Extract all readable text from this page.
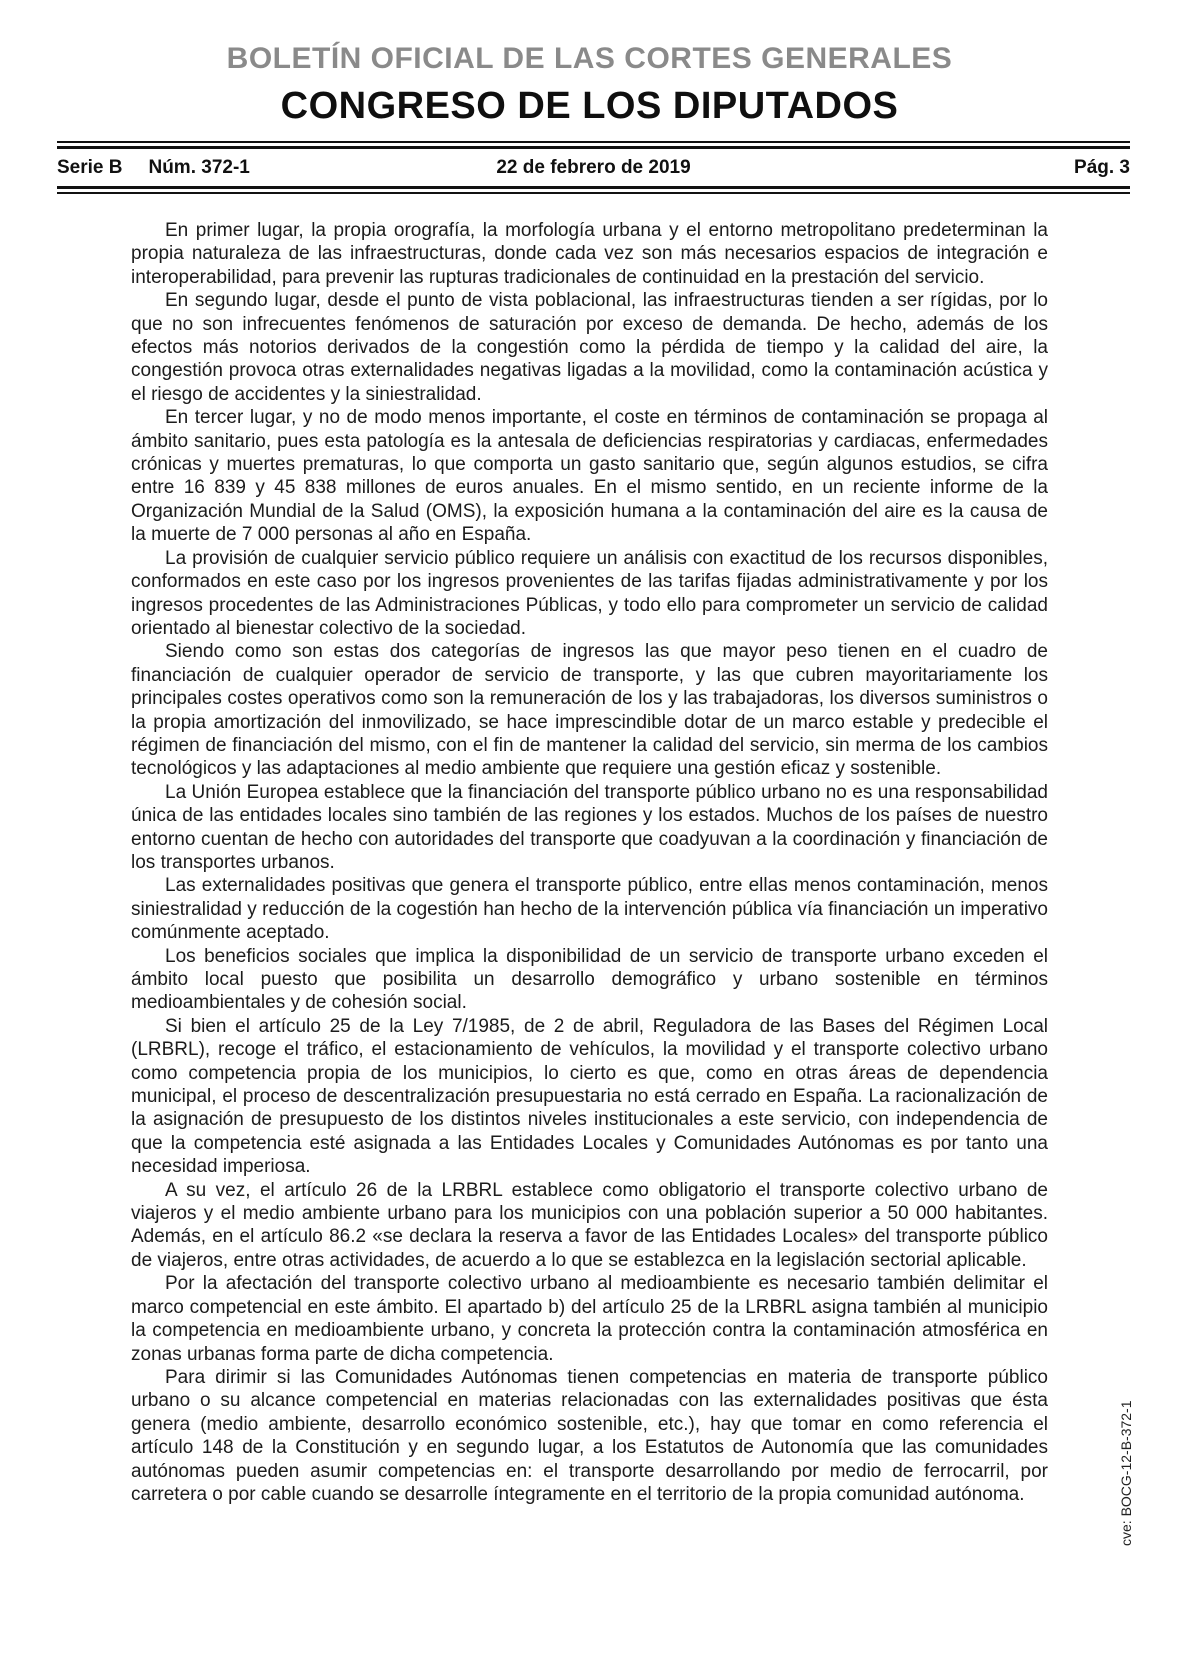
BOLETÍN OFICIAL DE LAS CORTES GENERALES
CONGRESO DE LOS DIPUTADOS
Serie B Núm. 372-1	22 de febrero de 2019	Pág. 3

En primer lugar, la propia orografía, la morfología urbana y el entorno metropolitano predeterminan la propia naturaleza de las infraestructuras, donde cada vez son más necesarios espacios de integración e interoperabilidad, para prevenir las rupturas tradicionales de continuidad en la prestación del servicio.

En segundo lugar, desde el punto de vista poblacional, las infraestructuras tienden a ser rígidas, por lo que no son infrecuentes fenómenos de saturación por exceso de demanda. De hecho, además de los efectos más notorios derivados de la congestión como la pérdida de tiempo y la calidad del aire, la congestión provoca otras externalidades negativas ligadas a la movilidad, como la contaminación acústica y el riesgo de accidentes y la siniestralidad.

En tercer lugar, y no de modo menos importante, el coste en términos de contaminación se propaga al ámbito sanitario, pues esta patología es la antesala de deficiencias respiratorias y cardiacas, enfermedades crónicas y muertes prematuras, lo que comporta un gasto sanitario que, según algunos estudios, se cifra entre 16 839 y 45 838 millones de euros anuales. En el mismo sentido, en un reciente informe de la Organización Mundial de la Salud (OMS), la exposición humana a la contaminación del aire es la causa de la muerte de 7 000 personas al año en España.

La provisión de cualquier servicio público requiere un análisis con exactitud de los recursos disponibles, conformados en este caso por los ingresos provenientes de las tarifas fijadas administrativamente y por los ingresos procedentes de las Administraciones Públicas, y todo ello para comprometer un servicio de calidad orientado al bienestar colectivo de la sociedad.

Siendo como son estas dos categorías de ingresos las que mayor peso tienen en el cuadro de financiación de cualquier operador de servicio de transporte, y las que cubren mayoritariamente los principales costes operativos como son la remuneración de los y las trabajadoras, los diversos suministros o la propia amortización del inmovilizado, se hace imprescindible dotar de un marco estable y predecible el régimen de financiación del mismo, con el fin de mantener la calidad del servicio, sin merma de los cambios tecnológicos y las adaptaciones al medio ambiente que requiere una gestión eficaz y sostenible.

La Unión Europea establece que la financiación del transporte público urbano no es una responsabilidad única de las entidades locales sino también de las regiones y los estados. Muchos de los países de nuestro entorno cuentan de hecho con autoridades del transporte que coadyuvan a la coordinación y financiación de los transportes urbanos.

Las externalidades positivas que genera el transporte público, entre ellas menos contaminación, menos siniestralidad y reducción de la cogestión han hecho de la intervención pública vía financiación un imperativo comúnmente aceptado.

Los beneficios sociales que implica la disponibilidad de un servicio de transporte urbano exceden el ámbito local puesto que posibilita un desarrollo demográfico y urbano sostenible en términos medioambientales y de cohesión social.

Si bien el artículo 25 de la Ley 7/1985, de 2 de abril, Reguladora de las Bases del Régimen Local (LRBRL), recoge el tráfico, el estacionamiento de vehículos, la movilidad y el transporte colectivo urbano como competencia propia de los municipios, lo cierto es que, como en otras áreas de dependencia municipal, el proceso de descentralización presupuestaria no está cerrado en España. La racionalización de la asignación de presupuesto de los distintos niveles institucionales a este servicio, con independencia de que la competencia esté asignada a las Entidades Locales y Comunidades Autónomas es por tanto una necesidad imperiosa.

A su vez, el artículo 26 de la LRBRL establece como obligatorio el transporte colectivo urbano de viajeros y el medio ambiente urbano para los municipios con una población superior a 50 000 habitantes. Además, en el artículo 86.2 «se declara la reserva a favor de las Entidades Locales» del transporte público de viajeros, entre otras actividades, de acuerdo a lo que se establezca en la legislación sectorial aplicable.

Por la afectación del transporte colectivo urbano al medioambiente es necesario también delimitar el marco competencial en este ámbito. El apartado b) del artículo 25 de la LRBRL asigna también al municipio la competencia en medioambiente urbano, y concreta la protección contra la contaminación atmosférica en zonas urbanas forma parte de dicha competencia.

Para dirimir si las Comunidades Autónomas tienen competencias en materia de transporte público urbano o su alcance competencial en materias relacionadas con las externalidades positivas que ésta genera (medio ambiente, desarrollo económico sostenible, etc.), hay que tomar en como referencia el artículo 148 de la Constitución y en segundo lugar, a los Estatutos de Autonomía que las comunidades autónomas pueden asumir competencias en: el transporte desarrollando por medio de ferrocarril, por carretera o por cable cuando se desarrolle íntegramente en el territorio de la propia comunidad autónoma.	cve: BOCG-12-B-372-1
